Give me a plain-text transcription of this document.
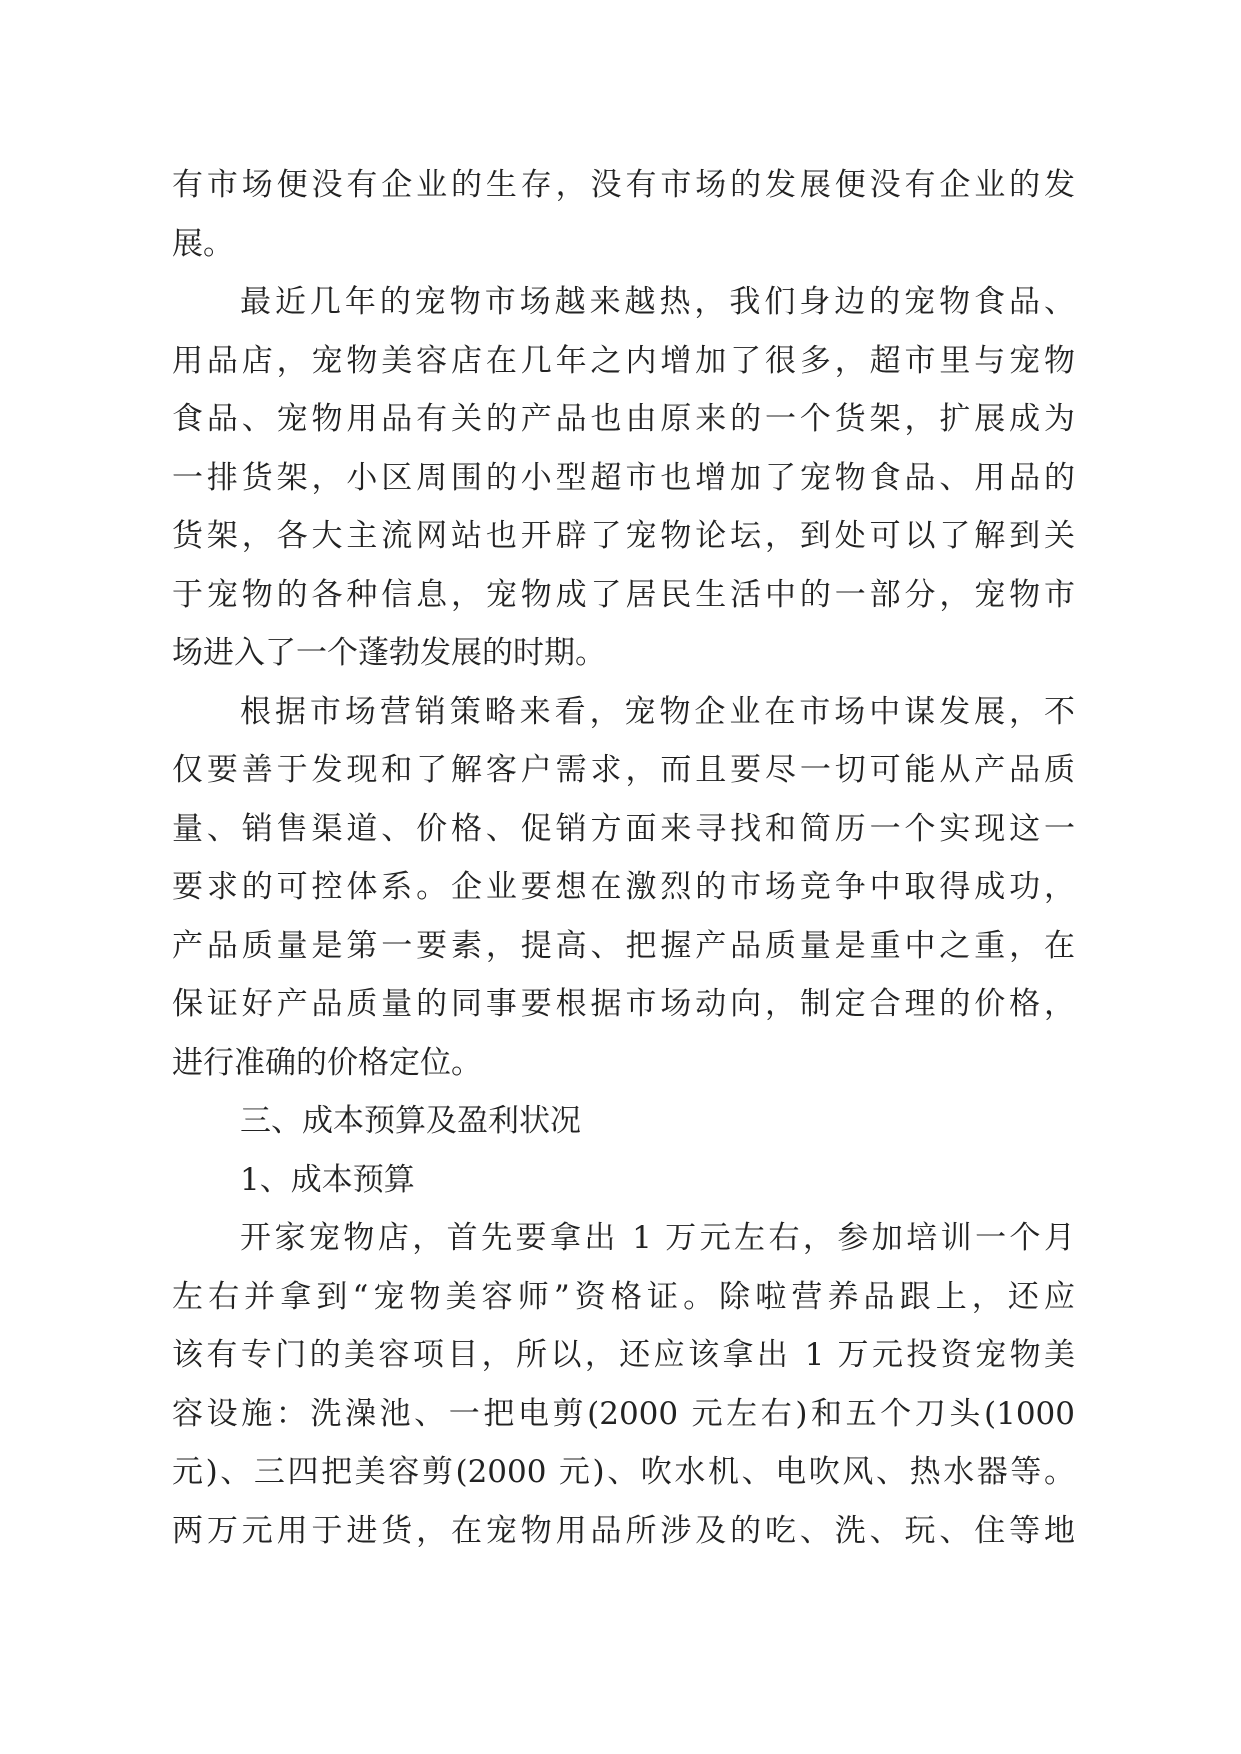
有市场便没有企业的生存，没有市场的发展便没有企业的发
展。
最近几年的宠物市场越来越热，我们身边的宠物食品、
用品店，宠物美容店在几年之内增加了很多，超市里与宠物
食品、宠物用品有关的产品也由原来的一个货架，扩展成为
一排货架，小区周围的小型超市也增加了宠物食品、用品的
货架，各大主流网站也开辟了宠物论坛，到处可以了解到关
于宠物的各种信息，宠物成了居民生活中的一部分，宠物市
场进入了一个蓬勃发展的时期。
根据市场营销策略来看，宠物企业在市场中谋发展，不
仅要善于发现和了解客户需求，而且要尽一切可能从产品质
量、销售渠道、价格、促销方面来寻找和简历一个实现这一
要求的可控体系。企业要想在激烈的市场竞争中取得成功，
产品质量是第一要素，提高、把握产品质量是重中之重，在
保证好产品质量的同事要根据市场动向，制定合理的价格，
进行准确的价格定位。
三、成本预算及盈利状况
1、成本预算
开家宠物店，首先要拿出 1 万元左右，参加培训一个月
左右并拿到“宠物美容师”资格证。除啦营养品跟上，还应
该有专门的美容项目，所以，还应该拿出 1 万元投资宠物美
容设施：洗澡池、一把电剪(2000 元左右)和五个刀头(1000
元)、三四把美容剪(2000 元)、吹水机、电吹风、热水器等。
两万元用于进货，在宠物用品所涉及的吃、洗、玩、住等地
